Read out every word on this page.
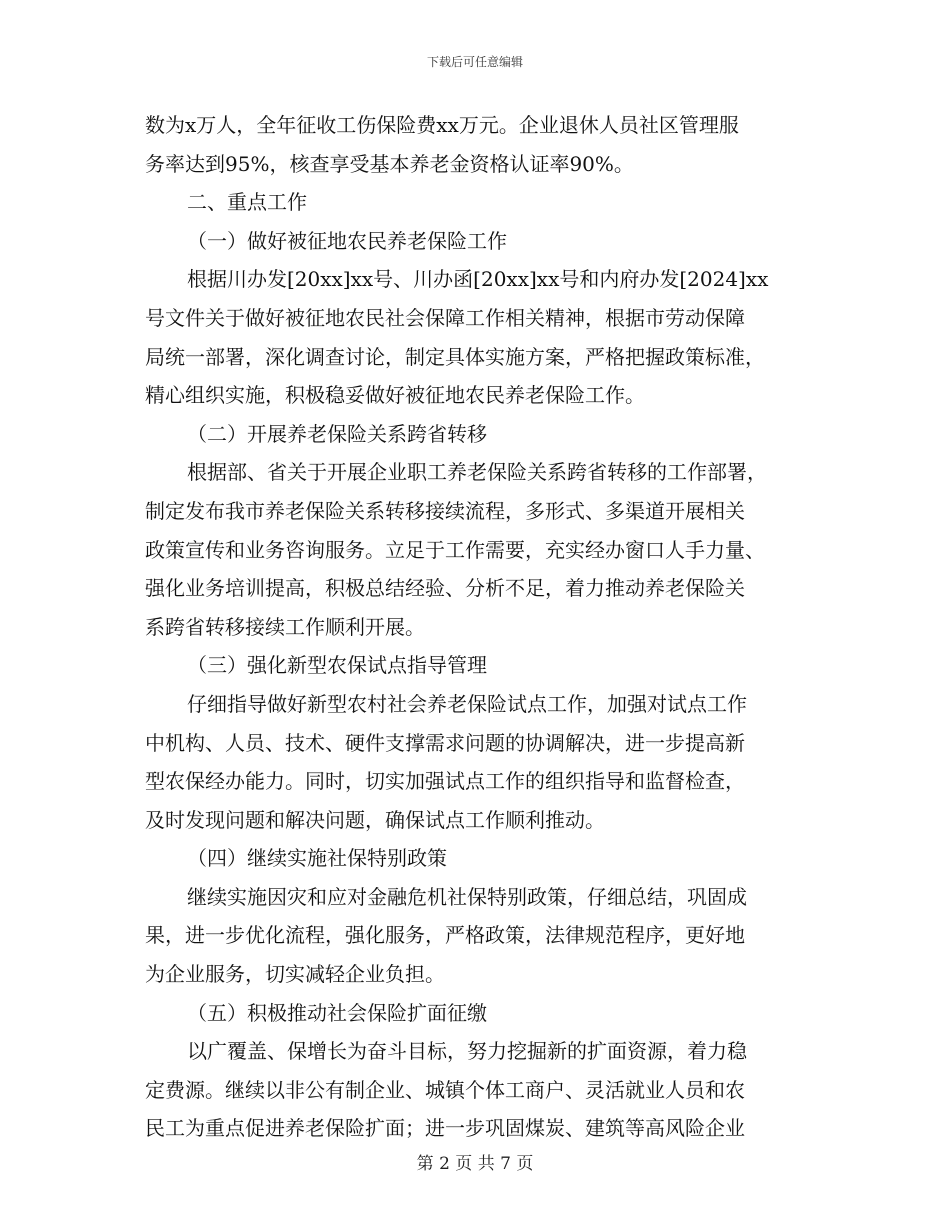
下载后可任意编辑
数为x万人，全年征收工伤保险费xx万元。企业退休人员社区管理服
务率达到95%，核查享受基本养老金资格认证率90%。
二、重点工作
（一）做好被征地农民养老保险工作
根据川办发[20xx]xx号、川办函[20xx]xx号和内府办发[2024]xx
号文件关于做好被征地农民社会保障工作相关精神，根据市劳动保障
局统一部署，深化调查讨论，制定具体实施方案，严格把握政策标准，
精心组织实施，积极稳妥做好被征地农民养老保险工作。
（二）开展养老保险关系跨省转移
根据部、省关于开展企业职工养老保险关系跨省转移的工作部署，
制定发布我市养老保险关系转移接续流程，多形式、多渠道开展相关
政策宣传和业务咨询服务。立足于工作需要，充实经办窗口人手力量、
强化业务培训提高，积极总结经验、分析不足，着力推动养老保险关
系跨省转移接续工作顺利开展。
（三）强化新型农保试点指导管理
仔细指导做好新型农村社会养老保险试点工作，加强对试点工作
中机构、人员、技术、硬件支撑需求问题的协调解决，进一步提高新
型农保经办能力。同时，切实加强试点工作的组织指导和监督检查，
及时发现问题和解决问题，确保试点工作顺利推动。
（四）继续实施社保特别政策
继续实施因灾和应对金融危机社保特别政策，仔细总结，巩固成
果，进一步优化流程，强化服务，严格政策，法律规范程序，更好地
为企业服务，切实减轻企业负担。
（五）积极推动社会保险扩面征缴
以广覆盖、保增长为奋斗目标，努力挖掘新的扩面资源，着力稳
定费源。继续以非公有制企业、城镇个体工商户、灵活就业人员和农
民工为重点促进养老保险扩面；进一步巩固煤炭、建筑等高风险企业
第 2 页 共 7 页
